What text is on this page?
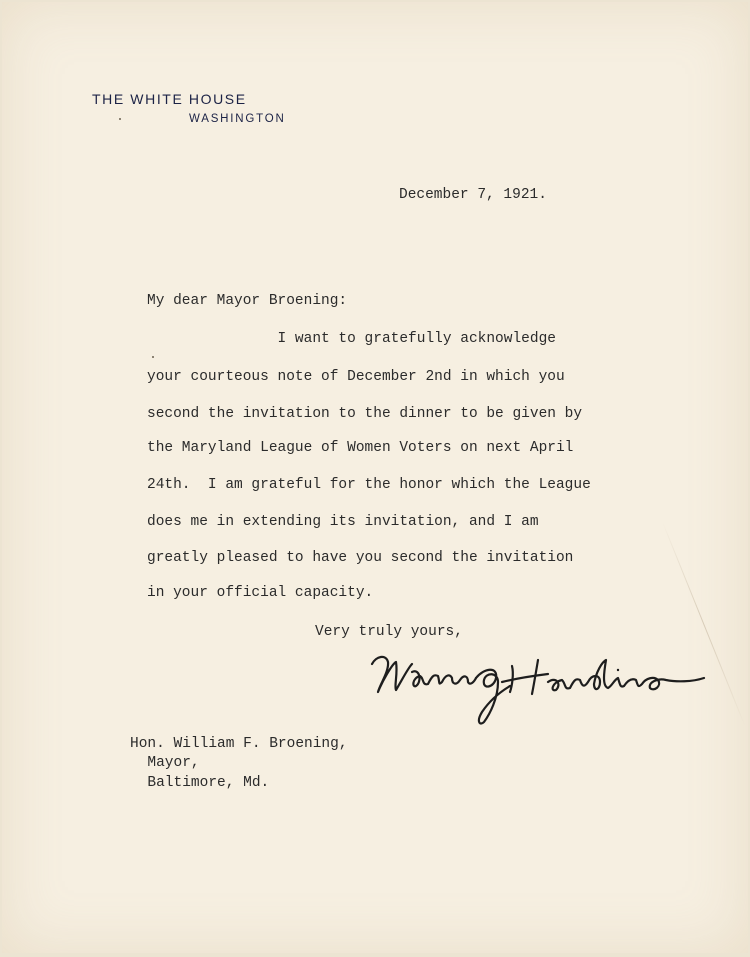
THE WHITE HOUSE
WASHINGTON
December 7, 1921.
My dear Mayor Broening:
I want to gratefully acknowledge
your courteous note of December 2nd in which you
second the invitation to the dinner to be given by
the Maryland League of Women Voters on next April
24th.  I am grateful for the honor which the League
does me in extending its invitation, and I am
greatly pleased to have you second the invitation
in your official capacity.
Very truly yours,
Hon. William F. Broening,
Mayor,
Baltimore, Md.
